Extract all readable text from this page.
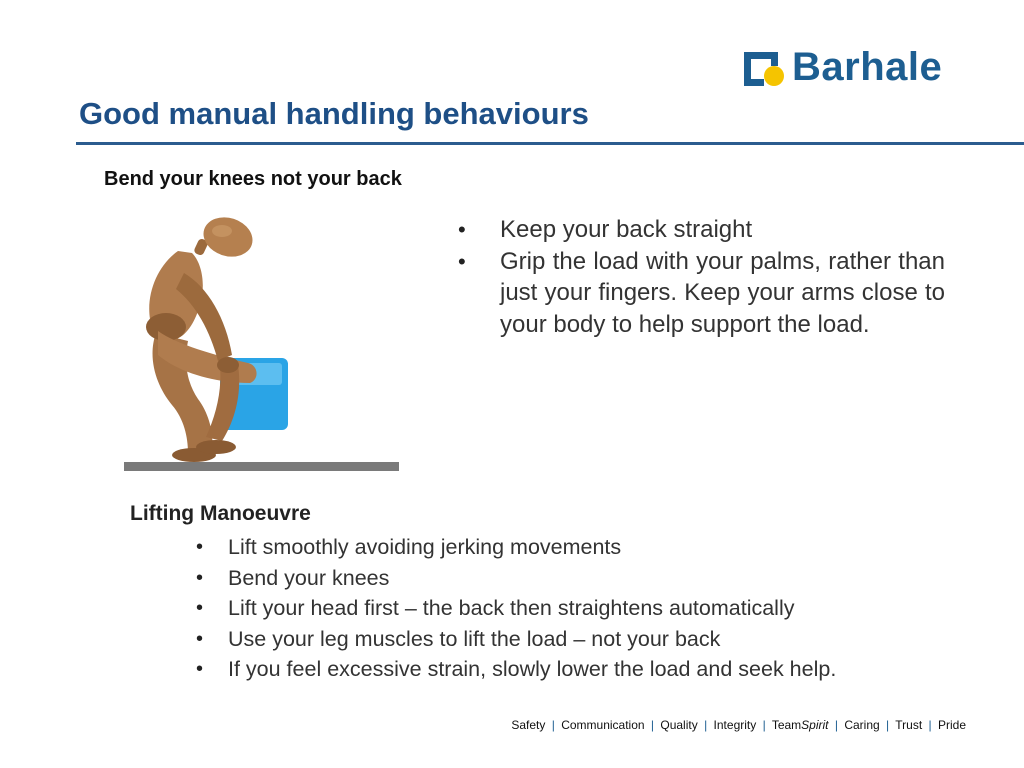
Barhale
Good manual handling behaviours
Bend your knees not your back
• Keep your back straight
• Grip the load with your palms, rather than just your fingers. Keep your arms close to your body to help support the load.
Lifting Manoeuvre
• Lift smoothly avoiding jerking movements
• Bend your knees
• Lift your head first – the back then straightens automatically
• Use your leg muscles to lift the load – not your back
• If you feel excessive strain, slowly lower the load and seek help.
Safety | Communication | Quality | Integrity | TeamSpirit | Caring | Trust | Pride
